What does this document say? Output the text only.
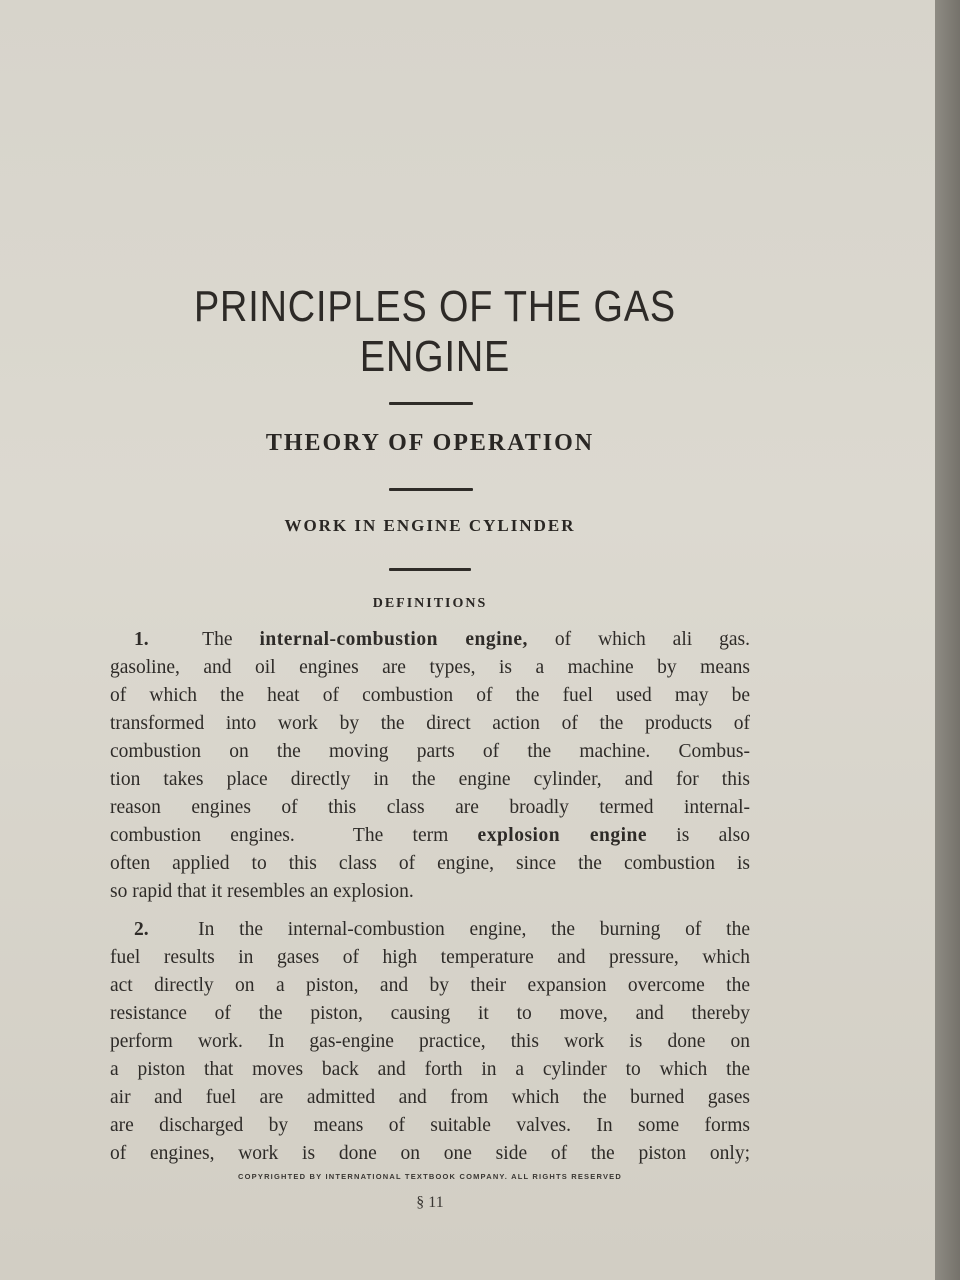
PRINCIPLES OF THE GAS
ENGINE
THEORY OF OPERATION
WORK IN ENGINE CYLINDER
DEFINITIONS
1.  The internal-combustion engine, of which ali gas.
gasoline, and oil engines are types, is a machine by means
of which the heat of combustion of the fuel used may be
transformed into work by the direct action of the products of
combustion on the moving parts of the machine. Combus-
tion takes place directly in the engine cylinder, and for this
reason engines of this class are broadly termed internal-
combustion engines.  The term explosion engine is also
often applied to this class of engine, since the combustion is
so rapid that it resembles an explosion.
2.	In the internal-combustion engine, the burning of the
fuel results in gases of high temperature and pressure, which
act directly on a piston, and by their expansion overcome the
resistance of the piston, causing it to move, and thereby
perform work. In gas-engine practice, this work is done on
a piston that moves back and forth in a cylinder to which the
air and fuel are admitted and from which the burned gases
are discharged by means of suitable valves. In some forms
of engines, work is done on one side of the piston only;
COPYRIGHTED BY INTERNATIONAL TEXTBOOK COMPANY. ALL RIGHTS RESERVED
§ 11
